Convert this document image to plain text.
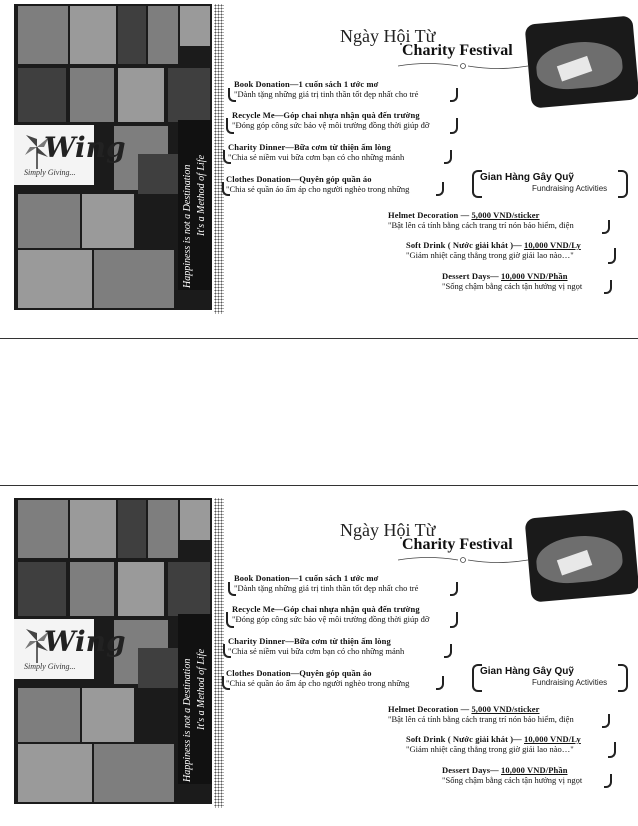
Wing
Simply Giving...	Happiness is not a Destination It's a Method of Life
Ngày Hội Từ
Charity Festival
Book Donation—1 cuốn sách 1 ước mơ
"Dành tặng những giá trị tinh thần tốt đẹp nhất cho trẻ
Recycle Me—Góp chai nhựa nhận quà đến trường
"Đóng góp công sức bảo vệ môi trường đồng thời giúp đỡ
Charity Dinner—Bữa cơm từ thiện ấm lòng
"Chia sẻ niềm vui bữa cơm bạn có cho những mảnh
Clothes Donation—Quyên góp quần áo
"Chia sẻ quần áo ấm áp cho người nghèo trong những
Gian Hàng Gây Quỹ
Fundraising Activities
Helmet Decoration — 5,000 VND/sticker
"Bật lên cá tính bằng cách trang trí nón bảo hiểm, điện
Soft Drink ( Nước giải khát )— 10,000 VND/Ly
"Giảm nhiệt căng thẳng trong giờ giải lao nào…"
Dessert Days— 10,000 VND/Phần
"Sống chậm bằng cách tận hưởng vị ngọt
Wing
Simply Giving...	Happiness is not a Destination It's a Method of Life
Ngày Hội Từ
Charity Festival
Book Donation—1 cuốn sách 1 ước mơ
"Dành tặng những giá trị tinh thần tốt đẹp nhất cho trẻ
Recycle Me—Góp chai nhựa nhận quà đến trường
"Đóng góp công sức bảo vệ môi trường đồng thời giúp đỡ
Charity Dinner—Bữa cơm từ thiện ấm lòng
"Chia sẻ niềm vui bữa cơm bạn có cho những mảnh
Clothes Donation—Quyên góp quần áo
"Chia sẻ quần áo ấm áp cho người nghèo trong những
Gian Hàng Gây Quỹ
Fundraising Activities
Helmet Decoration — 5,000 VND/sticker
"Bật lên cá tính bằng cách trang trí nón bảo hiểm, điện
Soft Drink ( Nước giải khát )— 10,000 VND/Ly
"Giảm nhiệt căng thẳng trong giờ giải lao nào…"
Dessert Days— 10,000 VND/Phần
"Sống chậm bằng cách tận hưởng vị ngọt
